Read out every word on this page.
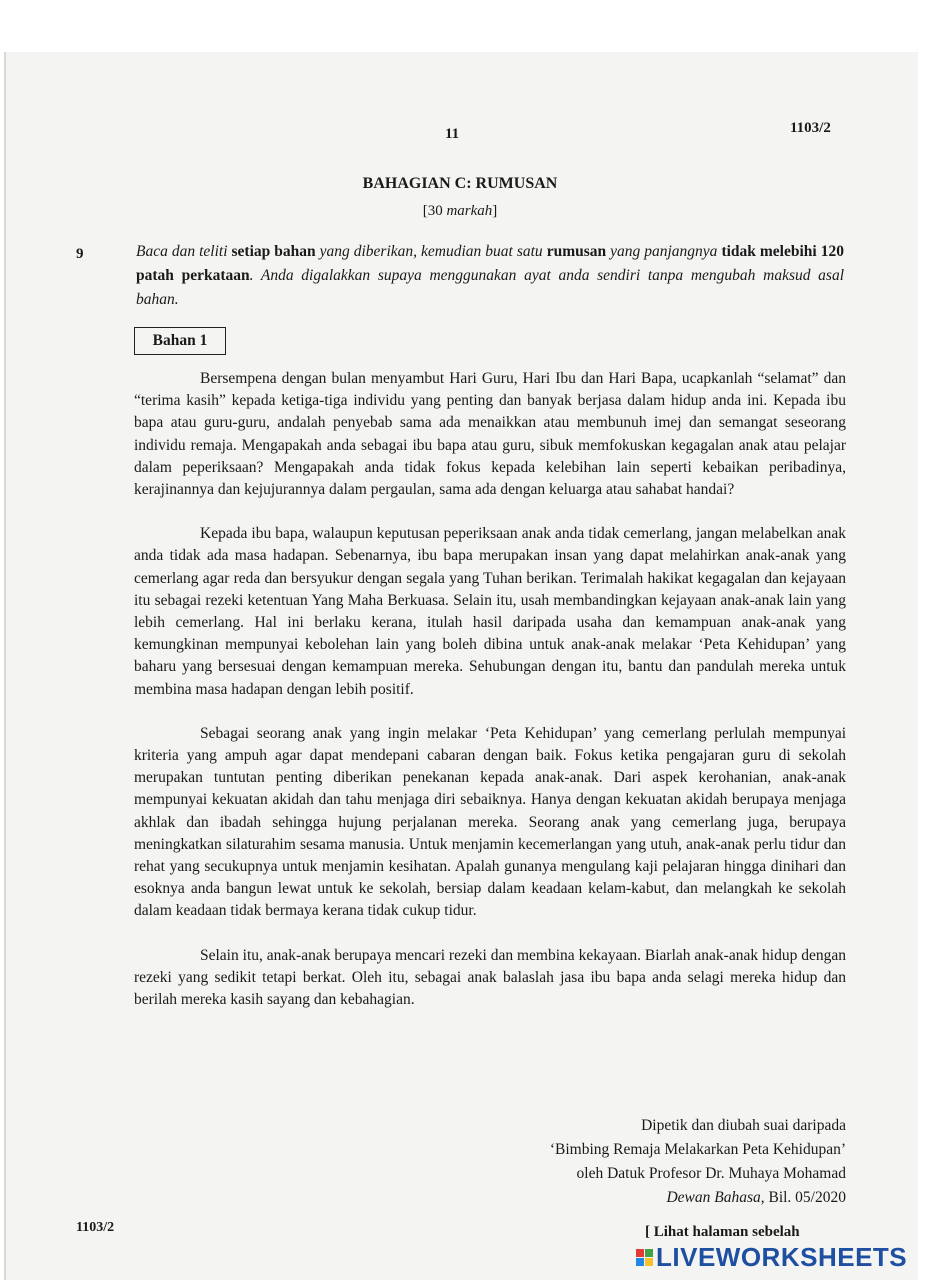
11	1103/2
BAHAGIAN C: RUMUSAN
[30 markah]
9	Baca dan teliti setiap bahan yang diberikan, kemudian buat satu rumusan yang panjangnya tidak melebihi 120 patah perkataan. Anda digalakkan supaya menggunakan ayat anda sendiri tanpa mengubah maksud asal bahan.
Bahan 1

Bersempena dengan bulan menyambut Hari Guru, Hari Ibu dan Hari Bapa, ucapkanlah “selamat” dan “terima kasih” kepada ketiga-tiga individu yang penting dan banyak berjasa dalam hidup anda ini. Kepada ibu bapa atau guru-guru, andalah penyebab sama ada menaikkan atau membunuh imej dan semangat seseorang individu remaja. Mengapakah anda sebagai ibu bapa atau guru, sibuk memfokuskan kegagalan anak atau pelajar dalam peperiksaan? Mengapakah anda tidak fokus kepada kelebihan lain seperti kebaikan peribadinya, kerajinannya dan kejujurannya dalam pergaulan, sama ada dengan keluarga atau sahabat handai?

Kepada ibu bapa, walaupun keputusan peperiksaan anak anda tidak cemerlang, jangan melabelkan anak anda tidak ada masa hadapan. Sebenarnya, ibu bapa merupakan insan yang dapat melahirkan anak-anak yang cemerlang agar reda dan bersyukur dengan segala yang Tuhan berikan. Terimalah hakikat kegagalan dan kejayaan itu sebagai rezeki ketentuan Yang Maha Berkuasa. Selain itu, usah membandingkan kejayaan anak-anak lain yang lebih cemerlang. Hal ini berlaku kerana, itulah hasil daripada usaha dan kemampuan anak-anak yang kemungkinan mempunyai kebolehan lain yang boleh dibina untuk anak-anak melakar ‘Peta Kehidupan’ yang baharu yang bersesuai dengan kemampuan mereka. Sehubungan dengan itu, bantu dan pandulah mereka untuk membina masa hadapan dengan lebih positif.

Sebagai seorang anak yang ingin melakar ‘Peta Kehidupan’ yang cemerlang perlulah mempunyai kriteria yang ampuh agar dapat mendepani cabaran dengan baik. Fokus ketika pengajaran guru di sekolah merupakan tuntutan penting diberikan penekanan kepada anak-anak. Dari aspek kerohanian, anak-anak mempunyai kekuatan akidah dan tahu menjaga diri sebaiknya. Hanya dengan kekuatan akidah berupaya menjaga akhlak dan ibadah sehingga hujung perjalanan mereka. Seorang anak yang cemerlang juga, berupaya meningkatkan silaturahim sesama manusia. Untuk menjamin kecemerlangan yang utuh, anak-anak perlu tidur dan rehat yang secukupnya untuk menjamin kesihatan. Apalah gunanya mengulang kaji pelajaran hingga dinihari dan esoknya anda bangun lewat untuk ke sekolah, bersiap dalam keadaan kelam-kabut, dan melangkah ke sekolah dalam keadaan tidak bermaya kerana tidak cukup tidur.

Selain itu, anak-anak berupaya mencari rezeki dan membina kekayaan. Biarlah anak-anak hidup dengan rezeki yang sedikit tetapi berkat. Oleh itu, sebagai anak balaslah jasa ibu bapa anda selagi mereka hidup dan berilah mereka kasih sayang dan kebahagian.

Dipetik dan diubah suai daripada
‘Bimbing Remaja Melakarkan Peta Kehidupan’
oleh Datuk Profesor Dr. Muhaya Mohamad
Dewan Bahasa, Bil. 05/2020
1103/2	[ Lihat halaman sebelah
LIVEWORKSHEETS
